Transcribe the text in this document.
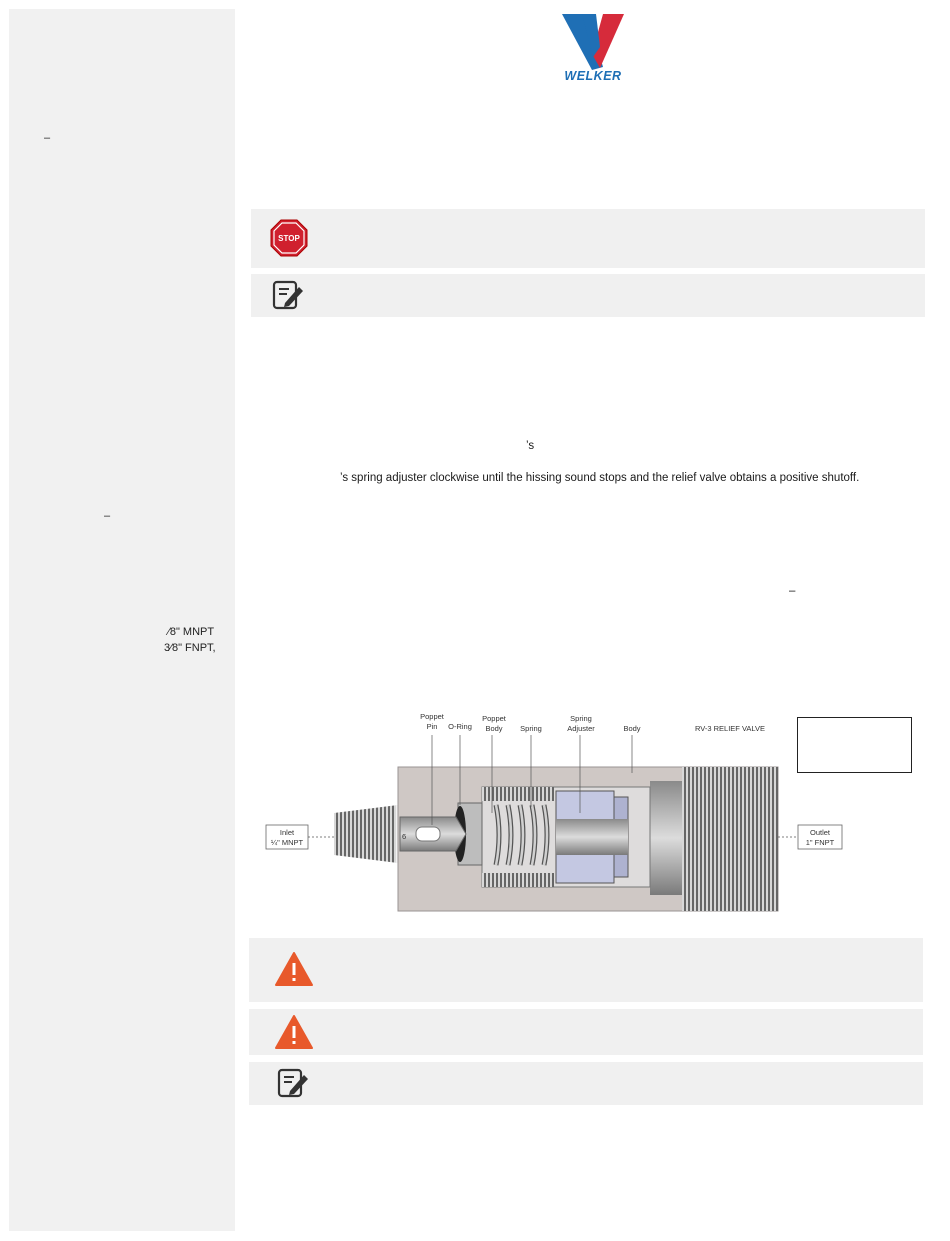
–
–
⁄8" MNPT
3⁄8" FNPT,
WELKER
STOP
’s
’s spring adjuster clockwise until the hissing sound stops and the relief valve obtains a positive shutoff.
–
6
Poppet
Pin O-Ring
Poppet
Body Spring
Spring
Adjuster	Body	RV-3 RELIEF VALVE
Inlet
¼" MNPT
Outlet
1" FNPT
